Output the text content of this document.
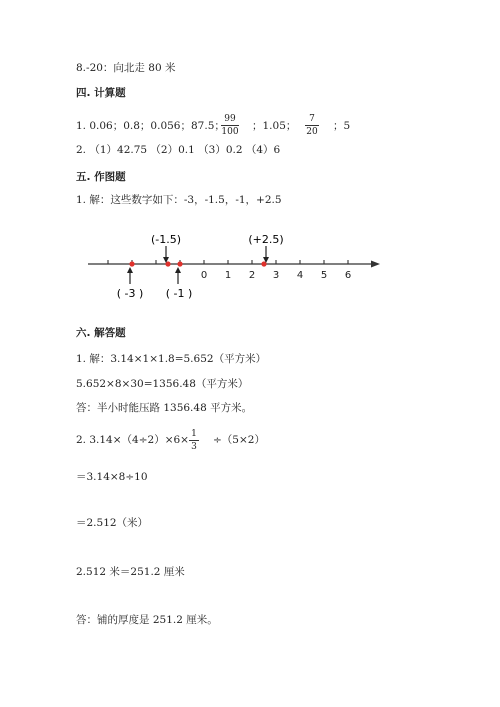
8.-20：向北走 80 米
四. 计算题
1. 0.06；0.8；0.056；87.5；
99
100 ；1.05；
7
20 ；5
2. （1）42.75 （2）0.1 （3）0.2 （4）6
五. 作图题
1. 解：这些数字如下：-3，-1.5，-1，+2.5
0 1 2 3 4 5 6
(-1.5)	(+2.5)
( -3 ) ( -1 )
六. 解答题
1. 解：3.14×1×1.8=5.652（平方米）
5.652×8×30=1356.48（平方米）
答：半小时能压路 1356.48 平方米。
2. 3.14×（4÷2）×6× 1
3
÷（5×2）
＝3.14×8÷10
＝2.512（米）
2.512 米＝251.2 厘米
答：铺的厚度是 251.2 厘米。
